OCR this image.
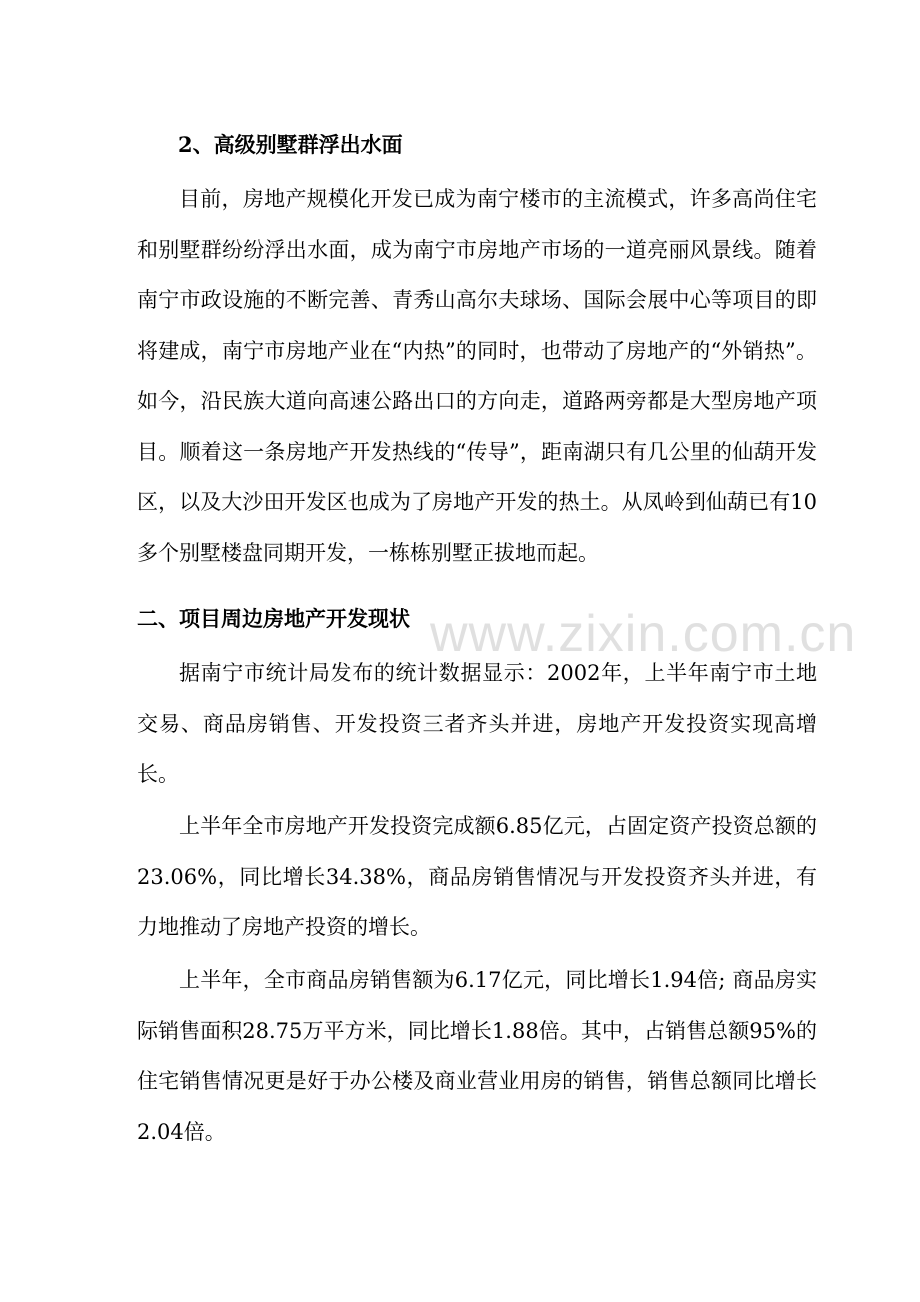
2、高级别墅群浮出水面

目前，房地产规模化开发已成为南宁楼市的主流模式，许多高尚住宅和别墅群纷纷浮出水面，成为南宁市房地产市场的一道亮丽风景线。随着南宁市政设施的不断完善、青秀山高尔夫球场、国际会展中心等项目的即将建成，南宁市房地产业在“内热”的同时，也带动了房地产的“外销热”。如今，沿民族大道向高速公路出口的方向走，道路两旁都是大型房地产项目。顺着这一条房地产开发热线的“传导”，距南湖只有几公里的仙葫开发区，以及大沙田开发区也成为了房地产开发的热土。从凤岭到仙葫已有10多个别墅楼盘同期开发，一栋栋别墅正拔地而起。

二、项目周边房地产开发现状

据南宁市统计局发布的统计数据显示：2002年，上半年南宁市土地交易、商品房销售、开发投资三者齐头并进，房地产开发投资实现高增长。

上半年全市房地产开发投资完成额6.85亿元，占固定资产投资总额的23.06%，同比增长34.38%，商品房销售情况与开发投资齐头并进，有力地推动了房地产投资的增长。

上半年，全市商品房销售额为6.17亿元，同比增长1.94倍; 商品房实际销售面积28.75万平方米，同比增长1.88倍。其中，占销售总额95%的住宅销售情况更是好于办公楼及商业营业用房的销售，销售总额同比增长2.04倍。

www.zixin.com.cn
